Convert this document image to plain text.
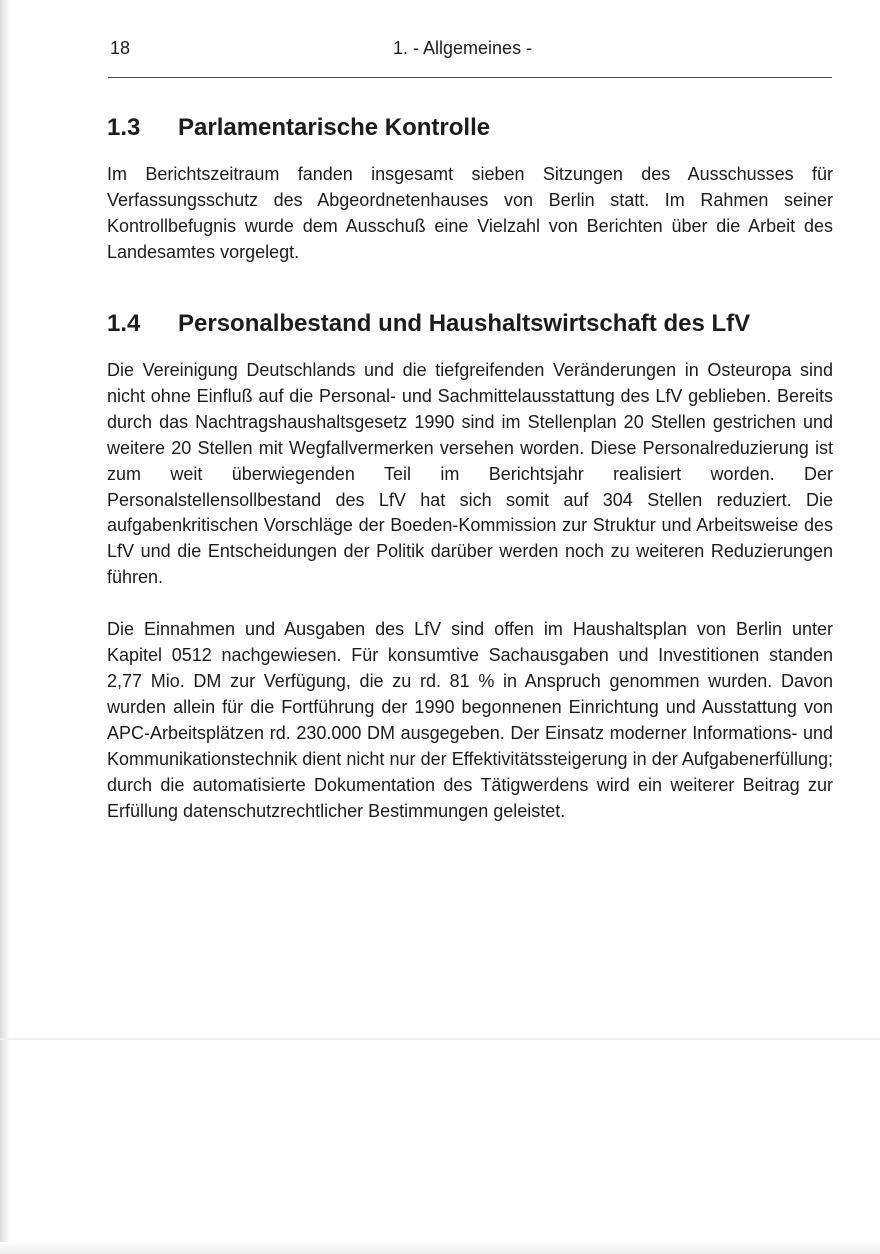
18	1. - Allgemeines -
1.3	Parlamentarische Kontrolle

Im Berichtszeitraum fanden insgesamt sieben Sitzungen des Ausschusses für Verfassungsschutz des Abgeordnetenhauses von Berlin statt. Im Rahmen seiner Kontrollbefugnis wurde dem Ausschuß eine Vielzahl von Berichten über die Arbeit des Landesamtes vorgelegt.

1.4	Personalbestand und Haushaltswirtschaft des LfV

Die Vereinigung Deutschlands und die tiefgreifenden Veränderungen in Osteuropa sind nicht ohne Einfluß auf die Personal- und Sachmittelausstattung des LfV geblieben. Bereits durch das Nachtragshaushaltsgesetz 1990 sind im Stellenplan 20 Stellen gestrichen und weitere 20 Stellen mit Wegfallvermerken versehen worden. Diese Personalreduzierung ist zum weit überwiegenden Teil im Berichtsjahr realisiert worden. Der Personalstellensollbestand des LfV hat sich somit auf 304 Stellen reduziert. Die aufgabenkritischen Vorschläge der Boeden-Kommission zur Struktur und Arbeitsweise des LfV und die Entscheidungen der Politik darüber werden noch zu weiteren Reduzierungen führen.

Die Einnahmen und Ausgaben des LfV sind offen im Haushaltsplan von Berlin unter Kapitel 0512 nachgewiesen. Für konsumtive Sachausgaben und Investitionen standen 2,77 Mio. DM zur Verfügung, die zu rd. 81 % in Anspruch genommen wurden. Davon wurden allein für die Fortführung der 1990 begonnenen Einrichtung und Ausstattung von APC-Arbeitsplätzen rd. 230.000 DM ausgegeben. Der Einsatz moderner Informations- und Kommunikationstechnik dient nicht nur der Effektivitätssteigerung in der Aufgabenerfüllung; durch die automatisierte Dokumentation des Tätigwerdens wird ein weiterer Beitrag zur Erfüllung datenschutzrechtlicher Bestimmungen geleistet.
